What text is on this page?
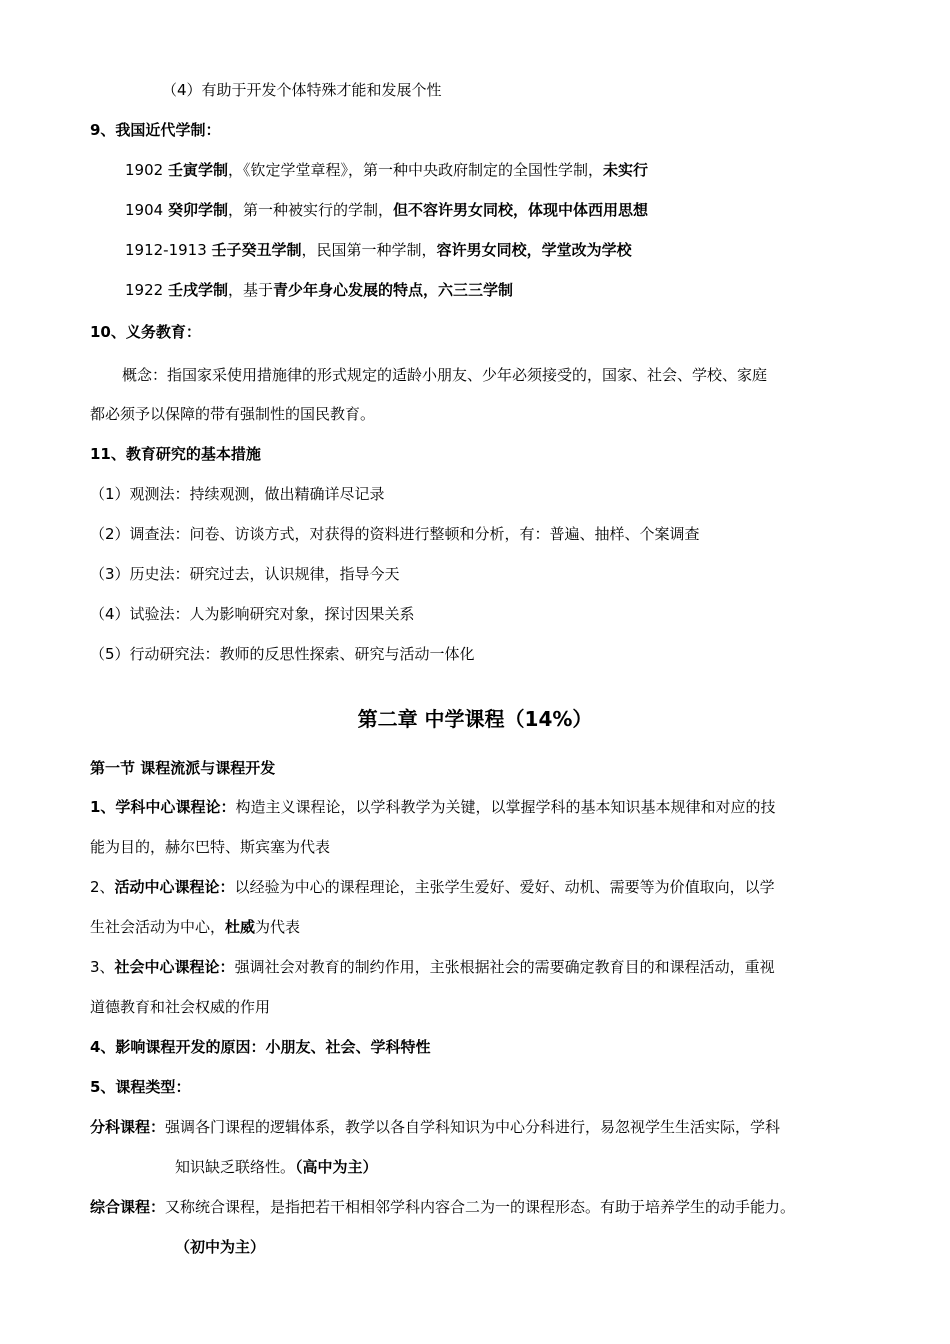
（4）有助于开发个体特殊才能和发展个性
9、我国近代学制：
1902 壬寅学制，《钦定学堂章程》，第一种中央政府制定的全国性学制，未实行
1904 癸卯学制，第一种被实行的学制，但不容许男女同校，体现中体西用思想
1912-1913 壬子癸丑学制，民国第一种学制，容许男女同校，学堂改为学校
1922 壬戌学制，基于青少年身心发展的特点，六三三学制
10、义务教育：
概念：指国家采使用措施律的形式规定的适龄小朋友、少年必须接受的，国家、社会、学校、家庭
都必须予以保障的带有强制性的国民教育。
11、教育研究的基本措施
（1）观测法：持续观测，做出精确详尽记录
（2）调查法：问卷、访谈方式，对获得的资料进行整顿和分析，有：普遍、抽样、个案调查
（3）历史法：研究过去，认识规律，指导今天
（4）试验法：人为影响研究对象，探讨因果关系
（5）行动研究法：教师的反思性探索、研究与活动一体化
第二章 中学课程（14%）
第一节 课程流派与课程开发
1、学科中心课程论：构造主义课程论，以学科教学为关键，以掌握学科的基本知识基本规律和对应的技
能为目的，赫尔巴特、斯宾塞为代表
2、活动中心课程论：以经验为中心的课程理论，主张学生爱好、爱好、动机、需要等为价值取向，以学
生社会活动为中心，杜威为代表
3、社会中心课程论：强调社会对教育的制约作用，主张根据社会的需要确定教育目的和课程活动，重视
道德教育和社会权威的作用
4、影响课程开发的原因：小朋友、社会、学科特性
5、课程类型：
分科课程：强调各门课程的逻辑体系，教学以各自学科知识为中心分科进行，易忽视学生生活实际，学科
知识缺乏联络性。（高中为主）
综合课程：又称统合课程，是指把若干相相邻学科内容合二为一的课程形态。有助于培养学生的动手能力。
（初中为主）
